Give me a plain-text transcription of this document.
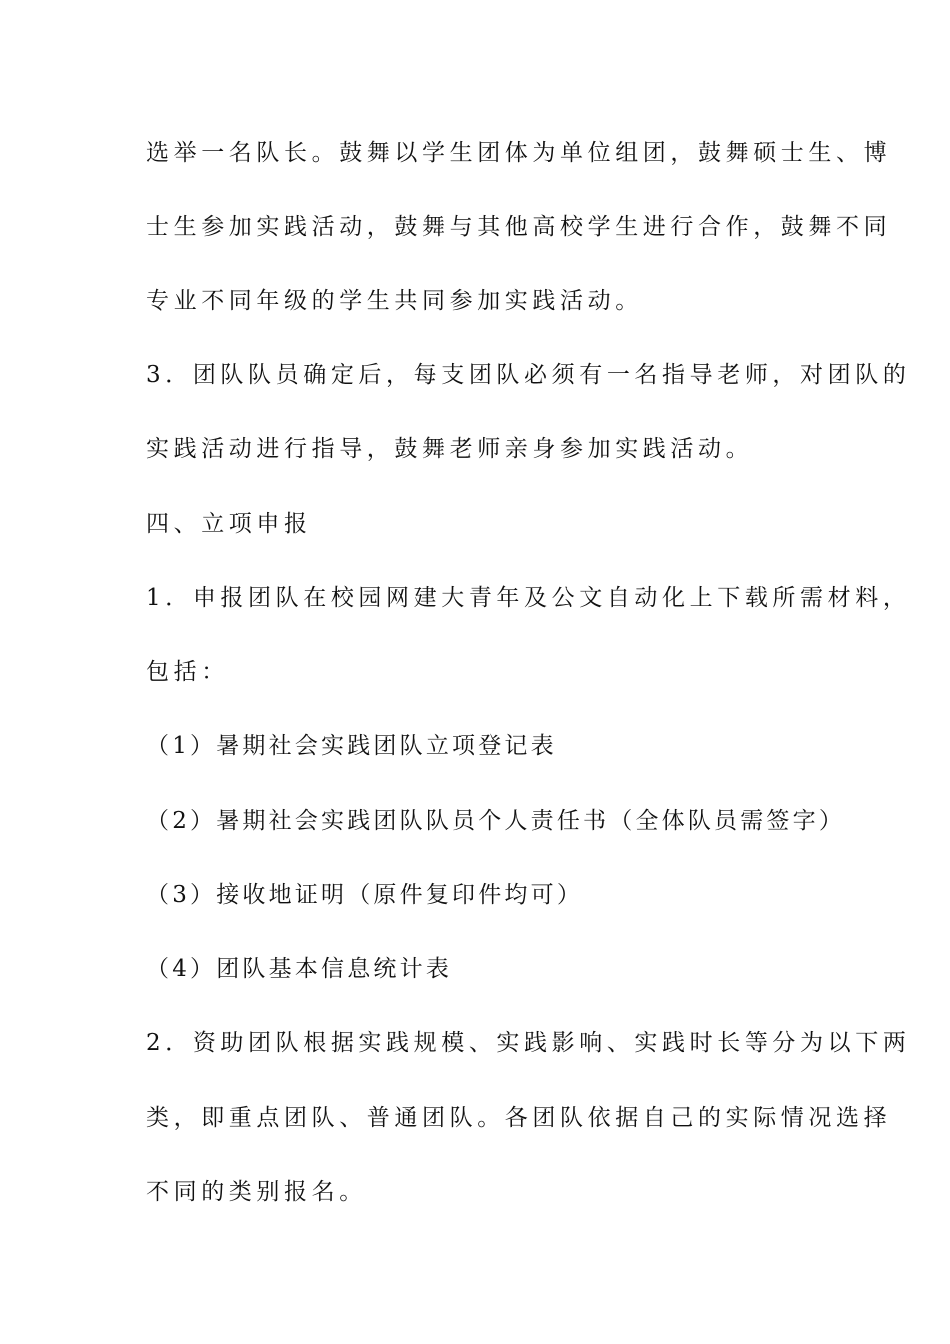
选举一名队长。鼓舞以学生团体为单位组团，鼓舞硕士生、博
士生参加实践活动，鼓舞与其他高校学生进行合作，鼓舞不同
专业不同年级的学生共同参加实践活动。
3．团队队员确定后，每支团队必须有一名指导老师，对团队的
实践活动进行指导，鼓舞老师亲身参加实践活动。
四、立项申报
1．申报团队在校园网建大青年及公文自动化上下载所需材料，
包括：
（1）暑期社会实践团队立项登记表
（2）暑期社会实践团队队员个人责任书（全体队员需签字）
（3）接收地证明（原件复印件均可）
（4）团队基本信息统计表
2．资助团队根据实践规模、实践影响、实践时长等分为以下两
类，即重点团队、普通团队。各团队依据自己的实际情况选择
不同的类别报名。
